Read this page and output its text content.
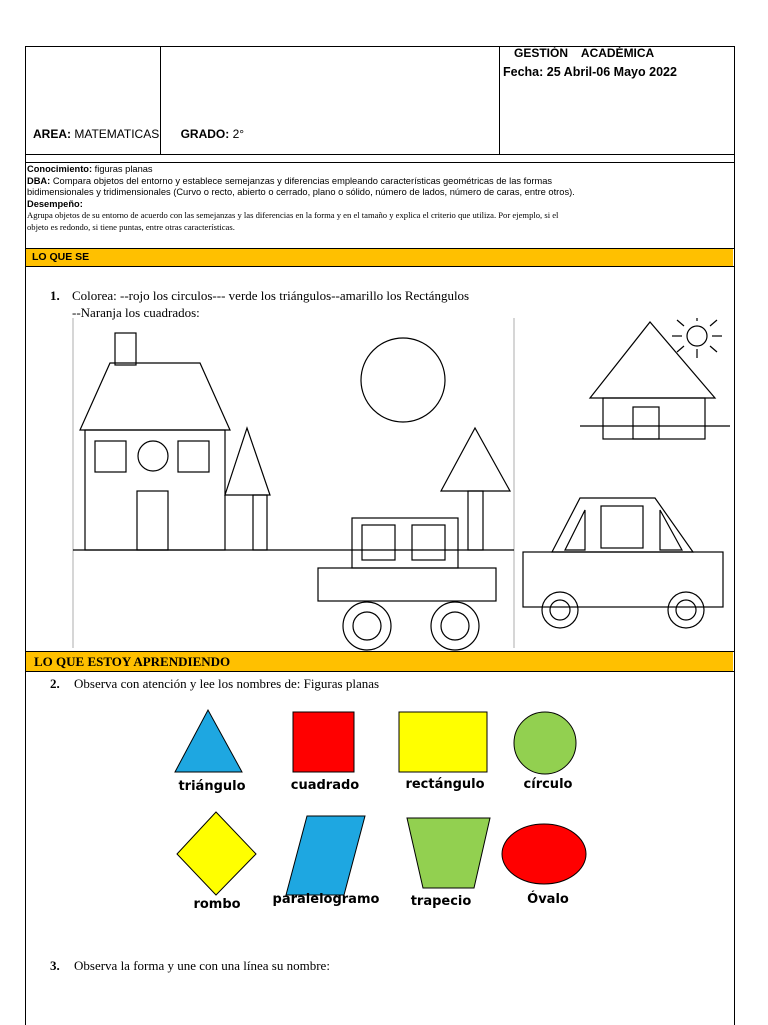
GESTIÓN    ACADÉMICA
Fecha: 25 Abril-06 Mayo 2022
AREA: MATEMATICAS GRADO: 2°
Conocimiento: figuras planas
DBA: Compara objetos del entorno y establece semejanzas y diferencias empleando características geométricas de las formas
bidimensionales y tridimensionales (Curvo o recto, abierto o cerrado, plano o sólido, número de lados, número de caras, entre otros).
Desempeño:
Agrupa objetos de su entorno de acuerdo con las semejanzas y las diferencias en la forma y en el tamaño y explica el criterio que utiliza. Por ejemplo, si el
objeto es redondo, si tiene puntas, entre otras características.
LO QUE SE
1. Colorea: --rojo los circulos--- verde los triángulos--amarillo los Rectángulos
--Naranja los cuadrados:
LO QUE ESTOY APRENDIENDO
2. Observa con atención y lee los nombres de: Figuras planas
triángulo	cuadrado	rectángulo	círculo
rombo	paralelogramo	trapecio	Óvalo
3. Observa la forma y une con una línea su nombre:
